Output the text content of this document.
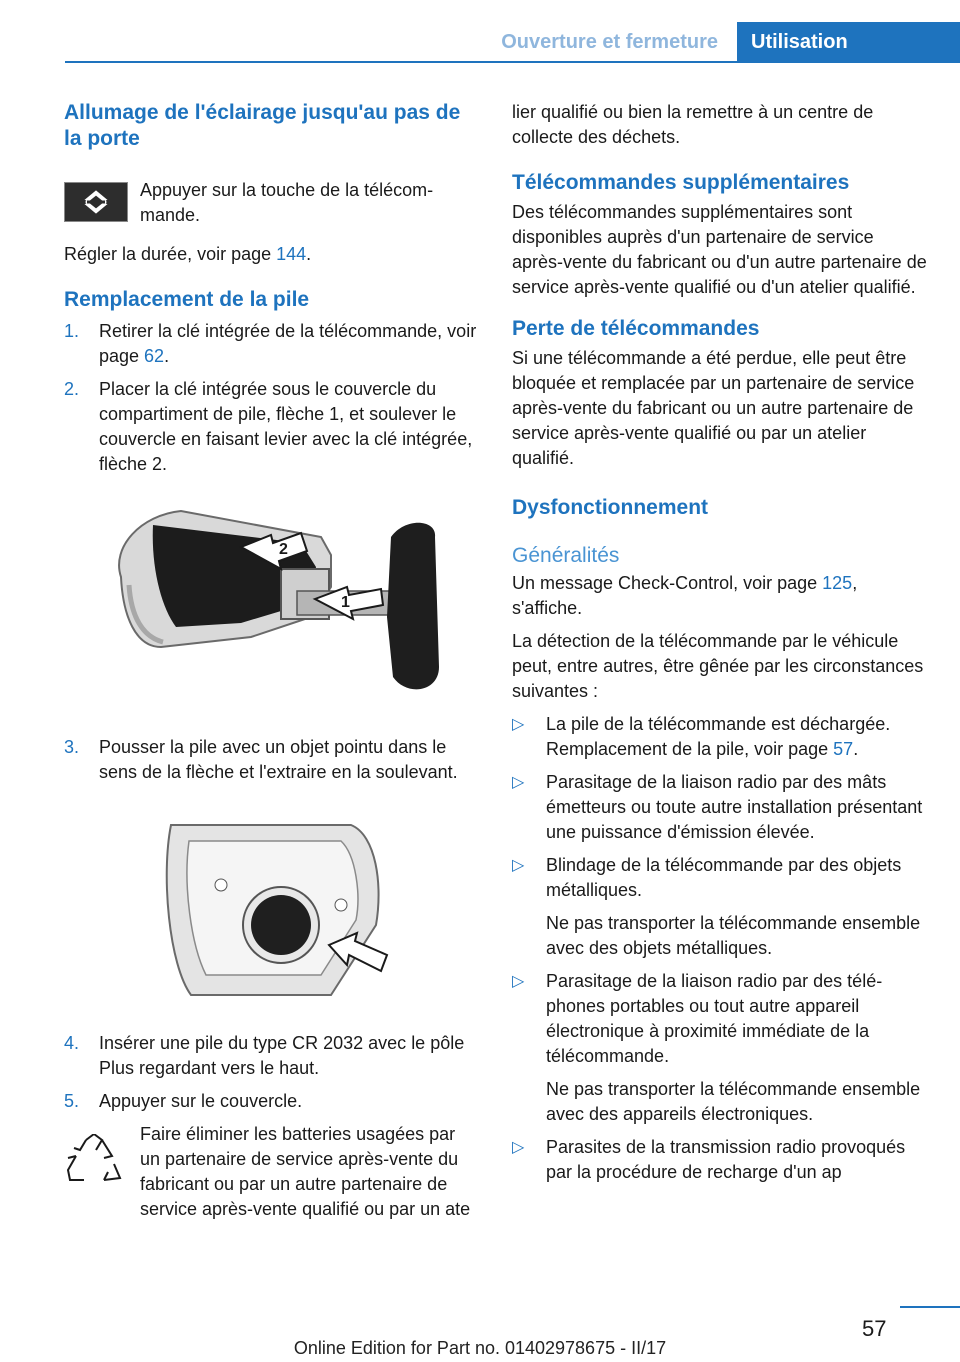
Ouverture et fermeture	Utilisation
Allumage de l'éclairage jusqu'au pas de la porte

Appuyer sur la touche de la télécommande.

Régler la durée, voir page 144.

Remplacement de la pile
1. Retirer la clé intégrée de la télécommande, voir page 62.
2. Placer la clé intégrée sous le couvercle du compartiment de pile, flèche 1, et soulever le couvercle en faisant levier avec la clé intégrée, flèche 2.
2
1
3. Pousser la pile avec un objet pointu dans le sens de la flèche et l'extraire en la soulevant.
4. Insérer une pile du type CR 2032 avec le pôle Plus regardant vers le haut.
5. Appuyer sur le couvercle.

Faire éliminer les batteries usagées par un partenaire de service après-vente du fabricant ou par un autre partenaire de service après-vente qualifié ou par un ate

lier qualifié ou bien la remettre à un centre de collecte des déchets.

Télécommandes supplémentaires

Des télécommandes supplémentaires sont disponibles auprès d'un partenaire de service après-vente du fabricant ou d'un autre partenaire de service après-vente qualifié ou d'un atelier qualifié.

Perte de télécommandes

Si une télécommande a été perdue, elle peut être bloquée et remplacée par un partenaire de service après-vente du fabricant ou un autre partenaire de service après-vente qualifié ou par un atelier qualifié.

Dysfonctionnement
Généralités

Un message Check-Control, voir page 125, s'affiche.

La détection de la télécommande par le véhicule peut, entre autres, être gênée par les circonstances suivantes :

▷ La pile de la télécommande est déchargée. Remplacement de la pile, voir page 57.
▷ Parasitage de la liaison radio par des mâts émetteurs ou toute autre installation présentant une puissance d'émission élevée.
▷ Blindage de la télécommande par des objets métalliques.

Ne pas transporter la télécommande ensemble avec des objets métalliques.

▷ Parasitage de la liaison radio par des téléphones portables ou tout autre appareil électronique à proximité immédiate de la télécommande.

Ne pas transporter la télécommande ensemble avec des appareils électroniques.

▷ Parasites de la transmission radio provoqués par la procédure de recharge d'un ap
57
Online Edition for Part no. 01402978675 - II/17
